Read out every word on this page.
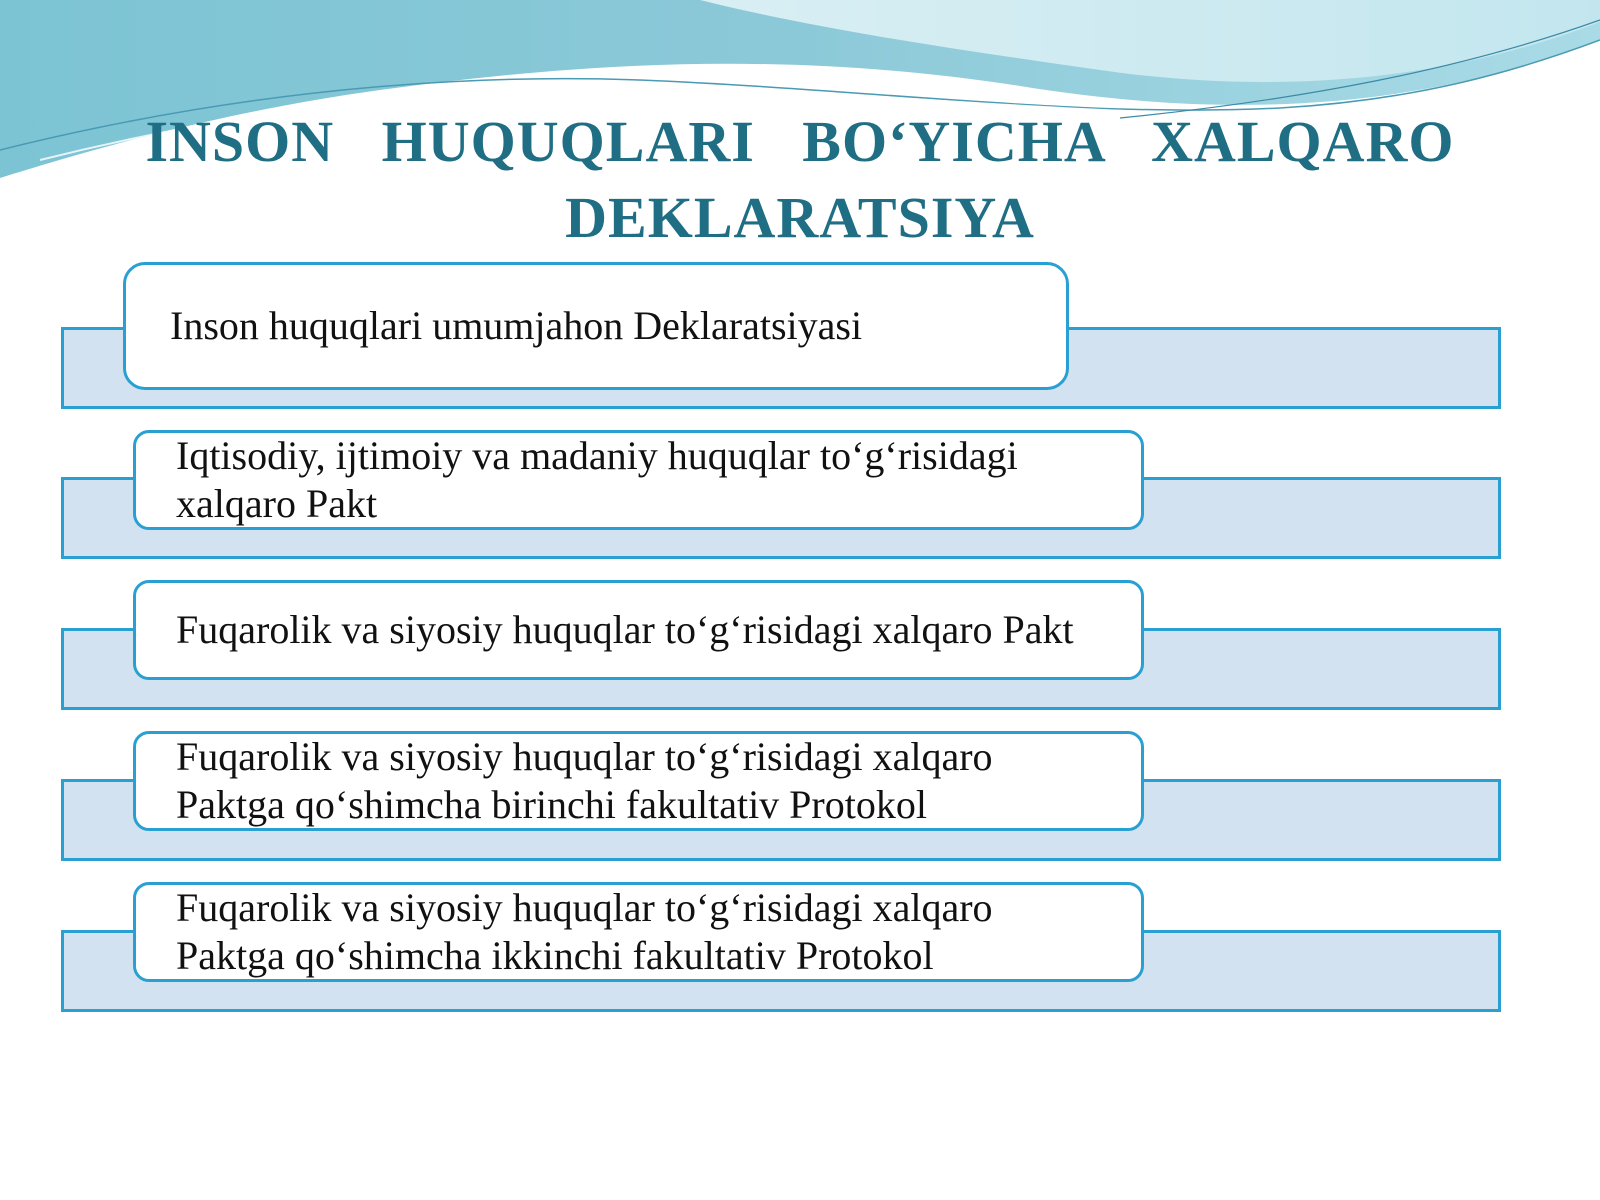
INSON HUQUQLARI BO‘YICHA XALQARO
DEKLARATSIYA
Inson huquqlari umumjahon Deklaratsiyasi
Iqtisodiy, ijtimoiy va madaniy huquqlar to‘g‘risidagi xalqaro Pakt
Fuqarolik va siyosiy huquqlar to‘g‘risidagi xalqaro Pakt
Fuqarolik va siyosiy huquqlar to‘g‘risidagi xalqaro Paktga qo‘shimcha birinchi fakultativ Protokol
Fuqarolik va siyosiy huquqlar to‘g‘risidagi xalqaro Paktga qo‘shimcha ikkinchi fakultativ Protokol
